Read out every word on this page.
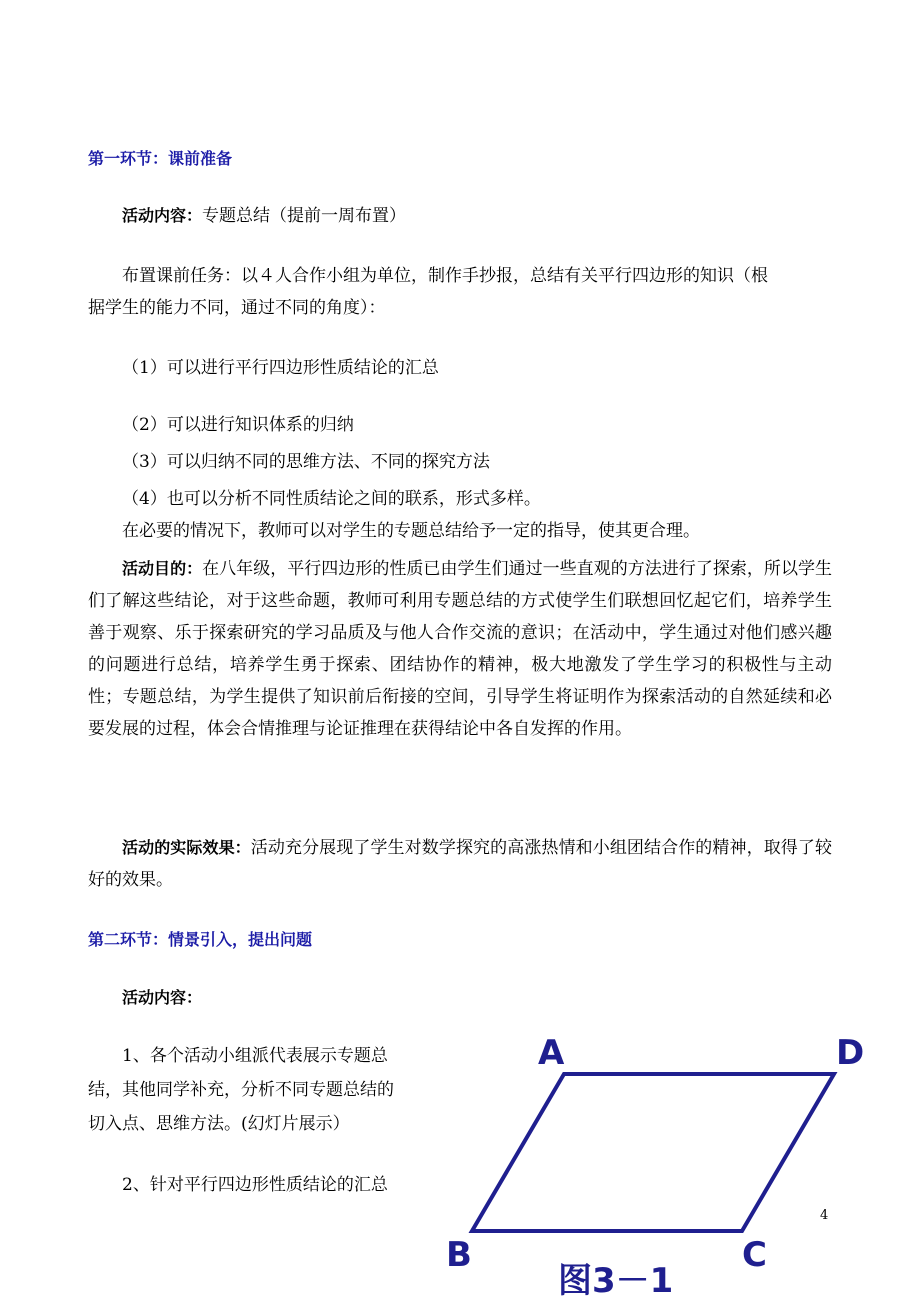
第一环节：课前准备
活动内容：专题总结（提前一周布置）
布置课前任务：以４人合作小组为单位，制作手抄报，总结有关平行四边形的知识（根
据学生的能力不同，通过不同的角度）：
（1）可以进行平行四边形性质结论的汇总
（2）可以进行知识体系的归纳
（3）可以归纳不同的思维方法、不同的探究方法
（4）也可以分析不同性质结论之间的联系，形式多样。
在必要的情况下，教师可以对学生的专题总结给予一定的指导，使其更合理。
活动目的：在八年级，平行四边形的性质已由学生们通过一些直观的方法进行了探索，所以学生们了解这些结论，对于这些命题，教师可利用专题总结的方式使学生们联想回忆起它们，培养学生善于观察、乐于探索研究的学习品质及与他人合作交流的意识；在活动中，学生通过对他们感兴趣的问题进行总结，培养学生勇于探索、团结协作的精神，极大地激发了学生学习的积极性与主动性；专题总结，为学生提供了知识前后衔接的空间，引导学生将证明作为探索活动的自然延续和必要发展的过程，体会合情推理与论证推理在获得结论中各自发挥的作用。
活动的实际效果：活动充分展现了学生对数学探究的高涨热情和小组团结合作的精神，取得了较好的效果。
第二环节：情景引入，提出问题
活动内容：
1、各个活动小组派代表展示专题总
结，其他同学补充，分析不同专题总结的
切入点、思维方法。(幻灯片展示）
2、针对平行四边形性质结论的汇总
A	D
B	C
图3－1
4
